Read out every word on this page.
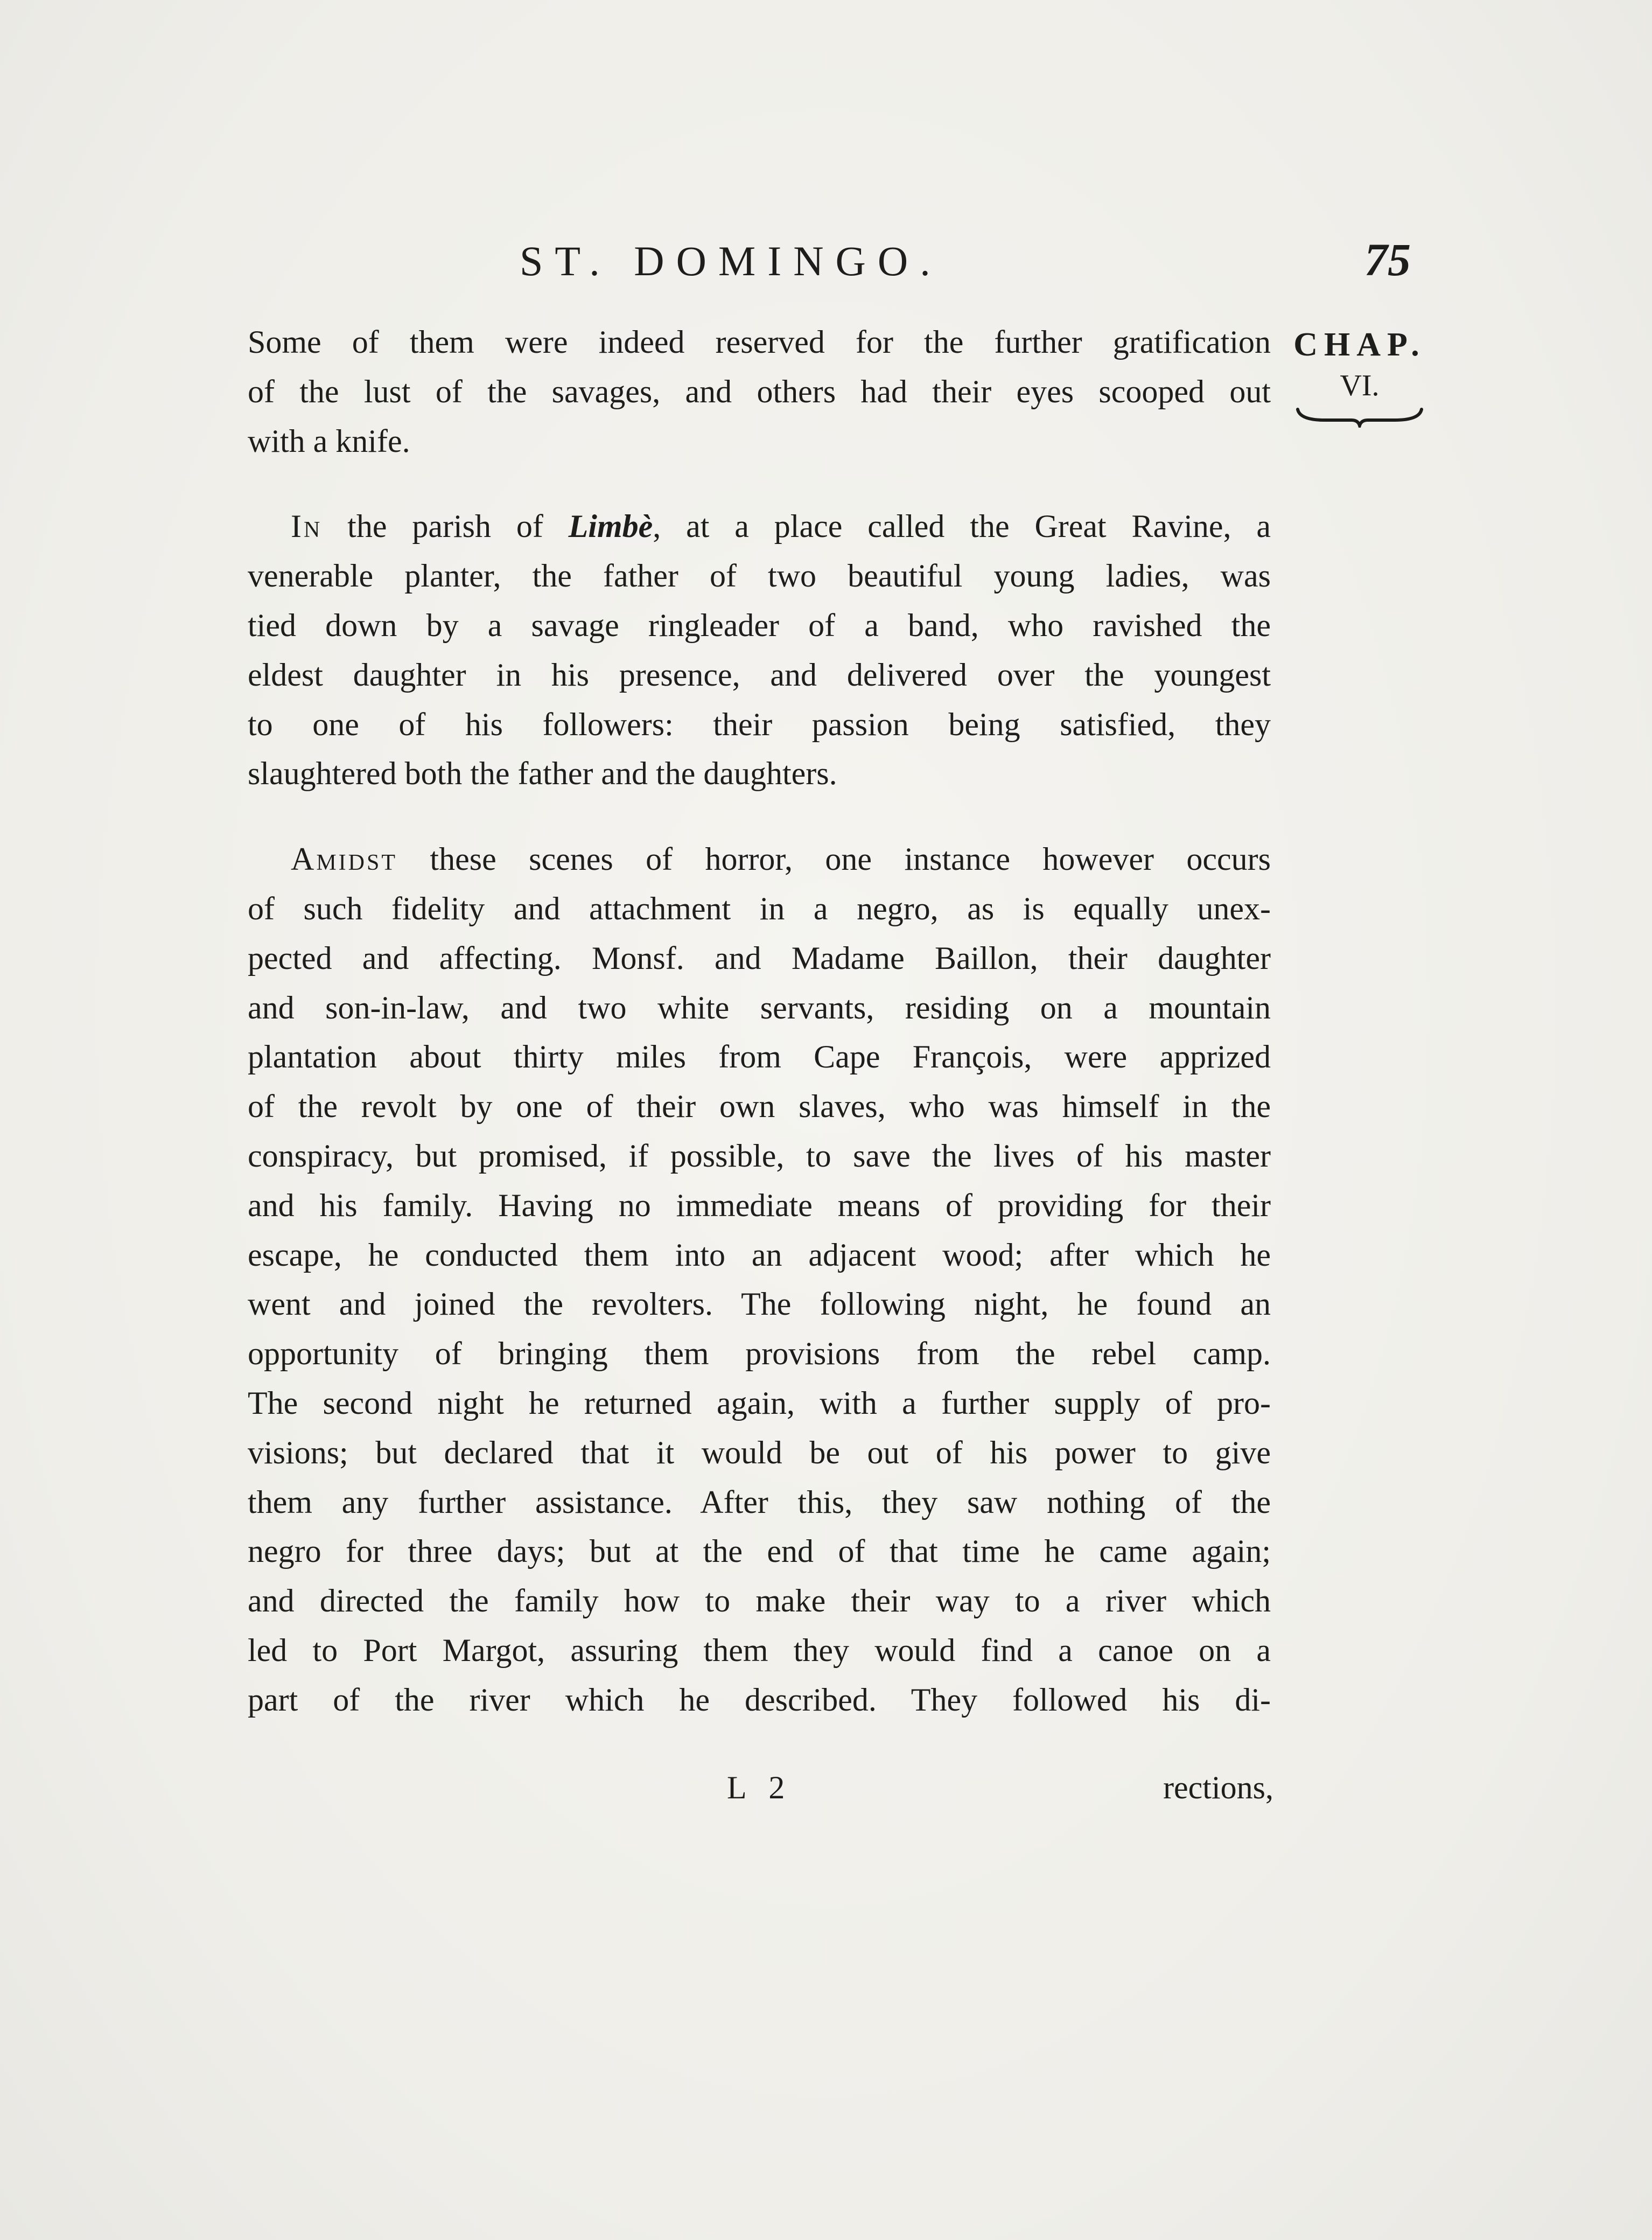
ST. DOMINGO.	75
CHAP.
VI.
Some of them were indeed reserved for the further gratification
of the lust of the savages, and others had their eyes scooped out
with a knife.
In the parish of Limbè, at a place called the Great Ravine, a
venerable planter, the father of two beautiful young ladies, was
tied down by a savage ringleader of a band, who ravished the
eldest daughter in his presence, and delivered over the youngest
to one of his followers: their passion being satisfied, they
slaughtered both the father and the daughters.
Amidst these scenes of horror, one instance however occurs
of such fidelity and attachment in a negro, as is equally unex-
pected and affecting. Monsf. and Madame Baillon, their daughter
and son-in-law, and two white servants, residing on a mountain
plantation about thirty miles from Cape François, were apprized
of the revolt by one of their own slaves, who was himself in the
conspiracy, but promised, if possible, to save the lives of his master
and his family. Having no immediate means of providing for their
escape, he conducted them into an adjacent wood; after which he
went and joined the revolters. The following night, he found an
opportunity of bringing them provisions from the rebel camp.
The second night he returned again, with a further supply of pro-
visions; but declared that it would be out of his power to give
them any further assistance. After this, they saw nothing of the
negro for three days; but at the end of that time he came again;
and directed the family how to make their way to a river which
led to Port Margot, assuring them they would find a canoe on a
part of the river which he described. They followed his di-
L 2	rections,
